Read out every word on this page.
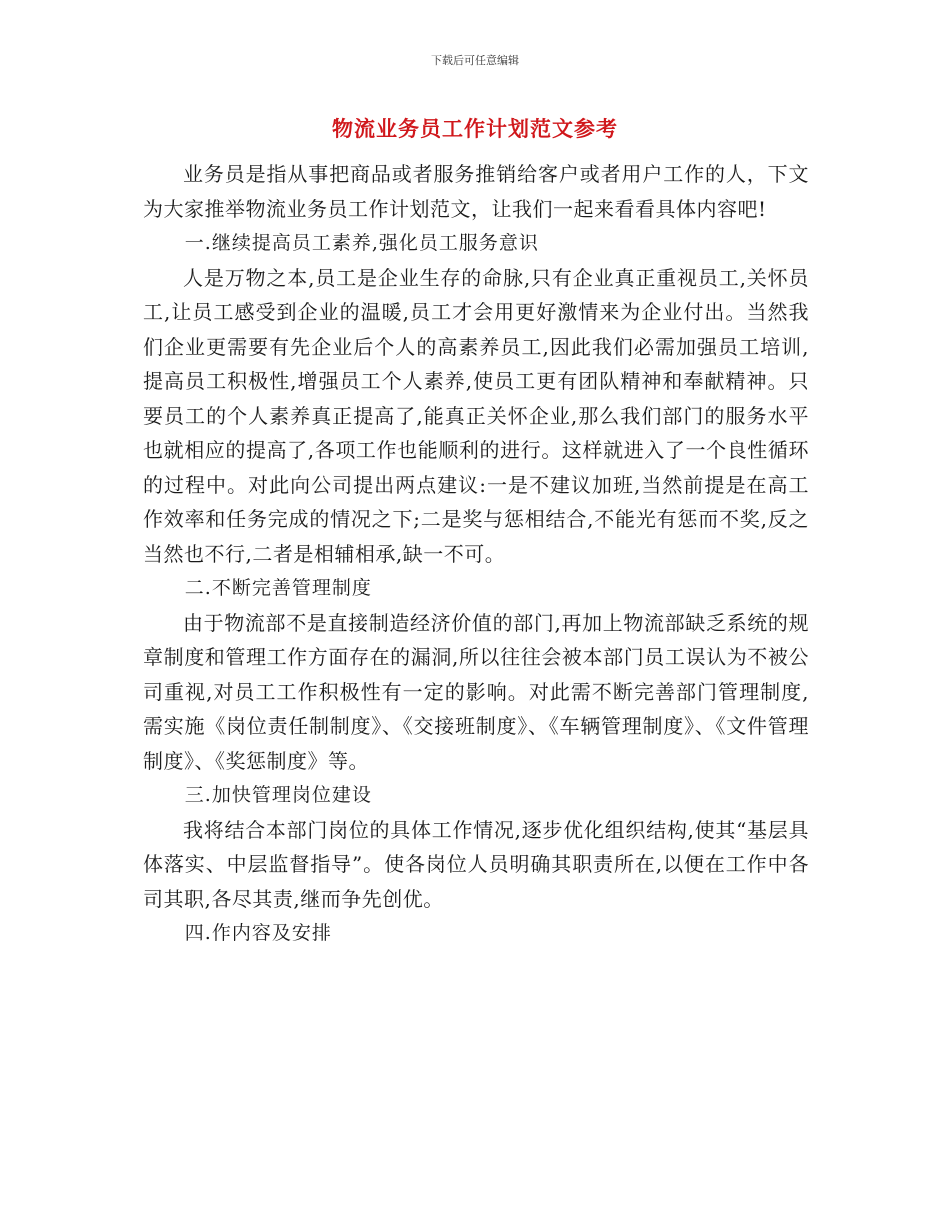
下载后可任意编辑
物流业务员工作计划范文参考

业务员是指从事把商品或者服务推销给客户或者用户工作的人，下文为大家推举物流业务员工作计划范文，让我们一起来看看具体内容吧!

一.继续提高员工素养,强化员工服务意识

人是万物之本,员工是企业生存的命脉,只有企业真正重视员工,关怀员工,让员工感受到企业的温暖,员工才会用更好激情来为企业付出。当然我们企业更需要有先企业后个人的高素养员工,因此我们必需加强员工培训,提高员工积极性,增强员工个人素养,使员工更有团队精神和奉献精神。只要员工的个人素养真正提高了,能真正关怀企业,那么我们部门的服务水平也就相应的提高了,各项工作也能顺利的进行。这样就进入了一个良性循环的过程中。对此向公司提出两点建议:一是不建议加班,当然前提是在高工作效率和任务完成的情况之下;二是奖与惩相结合,不能光有惩而不奖,反之当然也不行,二者是相辅相承,缺一不可。

二.不断完善管理制度

由于物流部不是直接制造经济价值的部门,再加上物流部缺乏系统的规章制度和管理工作方面存在的漏洞,所以往往会被本部门员工误认为不被公司重视,对员工工作积极性有一定的影响。对此需不断完善部门管理制度,需实施《岗位责任制制度》、《交接班制度》、《车辆管理制度》、《文件管理制度》、《奖惩制度》等。

三.加快管理岗位建设

我将结合本部门岗位的具体工作情况,逐步优化组织结构,使其“基层具体落实、中层监督指导”。使各岗位人员明确其职责所在,以便在工作中各司其职,各尽其责,继而争先创优。

四.作内容及安排
